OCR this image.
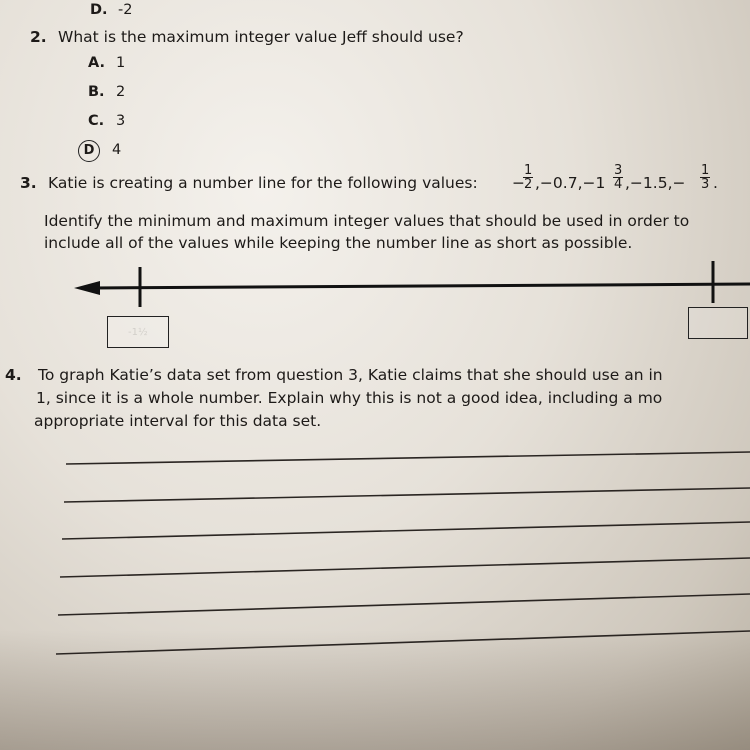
D. -2
2. What is the maximum integer value Jeff should use?
A. 1
B. 2
C. 3
D	4
3. Katie is creating a number line for the following values: −
$\frac{1}{2} ,-0.7,-1 \frac{3}{4} ,-1.5,- \frac{1}{3}$ .
Identify the minimum and maximum integer values that should be used in order to
include all of the values while keeping the number line as short as possible.
-1½
4. To graph Katie’s data set from question 3, Katie claims that she should use an in
1, since it is a whole number. Explain why this is not a good idea, including a mo
appropriate interval for this data set.
